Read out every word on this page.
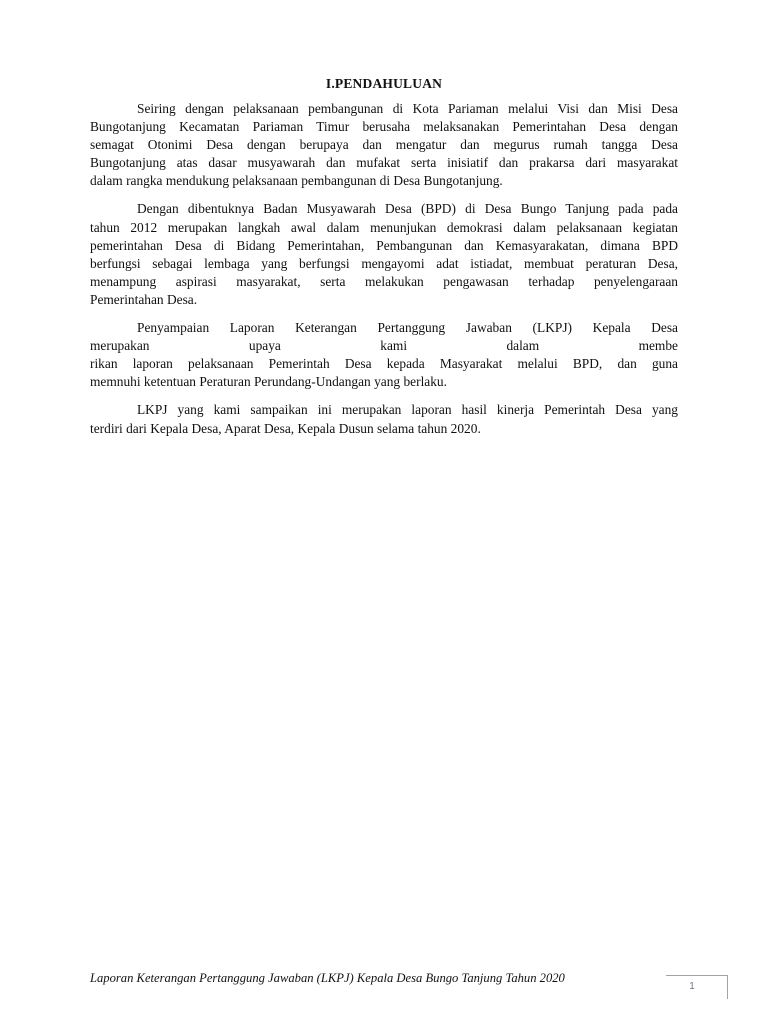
I.PENDAHULUAN

Seiring dengan pelaksanaan pembangunan di Kota Pariaman melalui Visi dan Misi Desa
Bungotanjung Kecamatan Pariaman Timur berusaha melaksanakan Pemerintahan Desa dengan
semagat Otonimi Desa dengan berupaya dan mengatur dan megurus rumah tangga Desa
Bungotanjung atas dasar musyawarah dan mufakat serta inisiatif dan prakarsa dari masyarakat
dalam rangka mendukung pelaksanaan pembangunan di Desa Bungotanjung.

Dengan dibentuknya Badan Musyawarah Desa (BPD) di Desa Bungo Tanjung pada pada
tahun 2012 merupakan langkah awal dalam menunjukan demokrasi dalam pelaksanaan kegiatan
pemerintahan Desa di Bidang Pemerintahan, Pembangunan dan Kemasyarakatan, dimana BPD
berfungsi sebagai lembaga yang berfungsi mengayomi adat istiadat, membuat peraturan Desa,
menampung aspirasi masyarakat, serta melakukan pengawasan terhadap penyelengaraan
Pemerintahan Desa.

Penyampaian Laporan Keterangan Pertanggung Jawaban (LKPJ) Kepala Desa
merupakan upaya kami dalam membe
rikan laporan pelaksanaan Pemerintah Desa kepada Masyarakat melalui BPD, dan guna
memnuhi ketentuan Peraturan Perundang-Undangan yang berlaku.

LKPJ yang kami sampaikan ini merupakan laporan hasil kinerja Pemerintah Desa yang
terdiri dari Kepala Desa, Aparat Desa, Kepala Dusun selama tahun 2020.

Laporan Keterangan Pertanggung Jawaban (LKPJ) Kepala Desa Bungo Tanjung Tahun 2020
1
